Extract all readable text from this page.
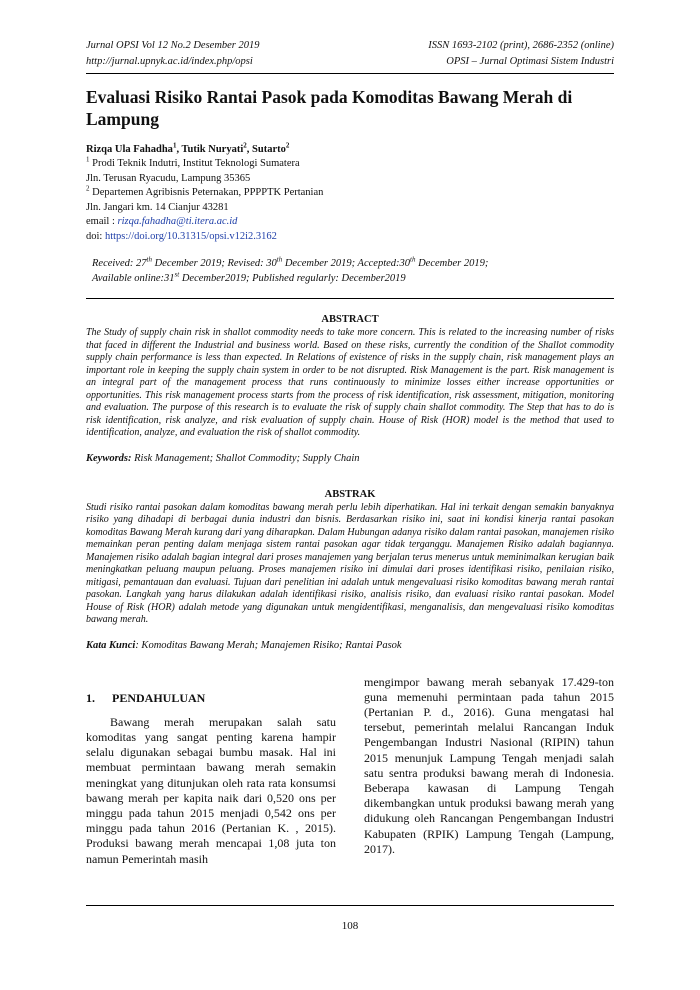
Jurnal OPSI Vol 12 No.2 Desember 2019	ISSN 1693-2102 (print), 2686-2352 (online)
http://jurnal.upnyk.ac.id/index.php/opsi	OPSI – Jurnal Optimasi Sistem Industri
Evaluasi Risiko Rantai Pasok pada Komoditas Bawang Merah di Lampung
Rizqa Ula Fahadha$^1$, Tutik Nuryati$^2$, Sutarto$^2$
$^1$ Prodi Teknik Indutri, Institut Teknologi Sumatera
Jln. Terusan Ryacudu, Lampung 35365
$^2$ Departemen Agribisnis Peternakan, PPPPTK Pertanian
Jln. Jangari km. 14 Cianjur 43281
email : rizqa.fahadha@ti.itera.ac.id
doi: https://doi.org/10.31315/opsi.v12i2.3162
Received: 27th December 2019; Revised: 30th December 2019; Accepted:30th December 2019;
Available online:31st December2019; Published regularly: December2019
ABSTRACT
The Study of supply chain risk in shallot commodity needs to take more concern. This is related to the increasing number of risks that faced in different the Industrial and business world. Based on these risks, currently the condition of the Shallot commodity supply chain performance is less than expected. In Relations of existence of risks in the supply chain, risk management plays an important role in keeping the supply chain system in order to be not disrupted. Risk Management is the part. Risk management is an integral part of the management process that runs continuously to minimize losses either increase opportunities or opportunities. This risk management process starts from the process of risk identification, risk assessment, mitigation, monitoring and evaluation. The purpose of this research is to evaluate the risk of supply chain shallot commodity. The Step that has to do is risk identification, risk analyze, and risk evaluation of supply chain. House of Risk (HOR) model is the method that used to identification, analyze, and evaluation the risk of shallot commodity.
Keywords: Risk Management; Shallot Commodity; Supply Chain
ABSTRAK
Studi risiko rantai pasokan dalam komoditas bawang merah perlu lebih diperhatikan. Hal ini terkait dengan semakin banyaknya risiko yang dihadapi di berbagai dunia industri dan bisnis. Berdasarkan risiko ini, saat ini kondisi kinerja rantai pasokan komoditas Bawang Merah kurang dari yang diharapkan. Dalam Hubungan adanya risiko dalam rantai pasokan, manajemen risiko memainkan peran penting dalam menjaga sistem rantai pasokan agar tidak terganggu. Manajemen Risiko adalah bagiannya. Manajemen risiko adalah bagian integral dari proses manajemen yang berjalan terus menerus untuk meminimalkan kerugian baik meningkatkan peluang maupun peluang. Proses manajemen risiko ini dimulai dari proses identifikasi risiko, penilaian risiko, mitigasi, pemantauan dan evaluasi. Tujuan dari penelitian ini adalah untuk mengevaluasi risiko komoditas bawang merah rantai pasokan. Langkah yang harus dilakukan adalah identifikasi risiko, analisis risiko, dan evaluasi risiko rantai pasokan. Model House of Risk (HOR) adalah metode yang digunakan untuk mengidentifikasi, menganalisis, dan mengevaluasi risiko komoditas bawang merah.
Kata Kunci: Komoditas Bawang Merah; Manajemen Risiko; Rantai Pasok
1. PENDAHULUAN

Bawang merah merupakan salah satu komoditas yang sangat penting karena hampir selalu digunakan sebagai bumbu masak. Hal ini membuat permintaan bawang merah semakin meningkat yang ditunjukan oleh rata rata konsumsi bawang merah per kapita naik dari 0,520 ons per minggu pada tahun 2015 menjadi 0,542 ons per minggu pada tahun 2016 (Pertanian K. , 2015). Produksi bawang merah mencapai 1,08 juta ton namun Pemerintah masih

mengimpor bawang merah sebanyak 17.429-ton guna memenuhi permintaan pada tahun 2015 (Pertanian P. d., 2016). Guna mengatasi hal tersebut, pemerintah melalui Rancangan Induk Pengembangan Industri Nasional (RIPIN) tahun 2015 menunjuk Lampung Tengah menjadi salah satu sentra produksi bawang merah di Indonesia. Beberapa kawasan di Lampung Tengah dikembangkan untuk produksi bawang merah yang didukung oleh Rancangan Pengembangan Industri Kabupaten (RPIK) Lampung Tengah (Lampung, 2017).

108
